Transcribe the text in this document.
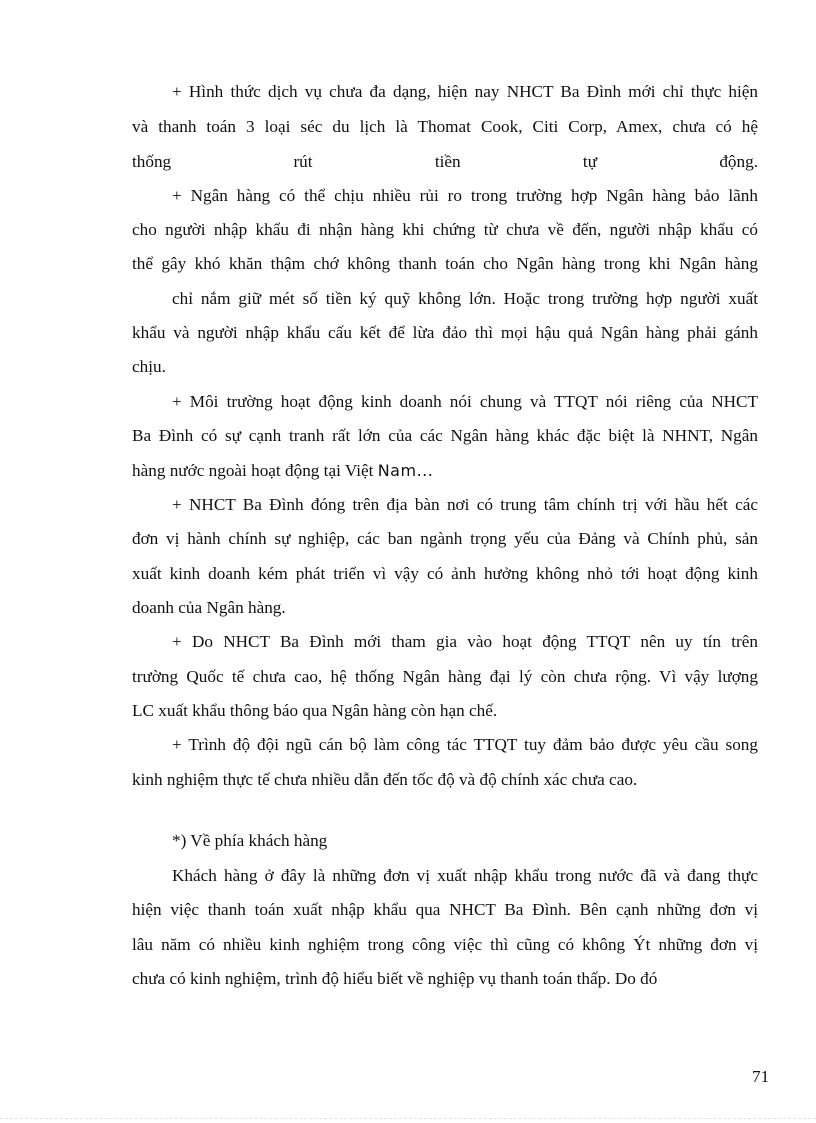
+ Hình thức dịch vụ chưa đa dạng, hiện nay NHCT Ba Đình mới chỉ thực hiện
và thanh toán 3 loại séc du lịch là Thomat Cook, Citi Corp, Amex, chưa có hệ
thống rút tiền tự động.
+ Ngân hàng có thể chịu nhiều rủi ro trong trường hợp Ngân hàng bảo lãnh
cho người nhập khẩu đi nhận hàng khi chứng từ chưa về đến, người nhập khẩu có
thể gây khó khăn thậm chớ không thanh toán cho Ngân hàng trong khi Ngân hàng
chỉ nắm giữ mét số tiền ký quỹ không lớn. Hoặc trong trường hợp người xuất
khẩu và người nhập khẩu cấu kết để lừa đảo thì mọi hậu quả Ngân hàng phải gánh
chịu.
+ Môi trường hoạt động kinh doanh nói chung và TTQT nói riêng của NHCT
Ba Đình có sự cạnh tranh rất lớn của các Ngân hàng khác đặc biệt là NHNT, Ngân
hàng nước ngoài hoạt động tại Việt Nam...
+ NHCT Ba Đình đóng trên địa bàn nơi có trung tâm chính trị với hầu hết các
đơn vị hành chính sự nghiệp, các ban ngành trọng yếu của Đảng và Chính phủ, sản
xuất kinh doanh kém phát triển vì vậy có ảnh hưởng không nhỏ tới hoạt động kinh
doanh của Ngân hàng.
+ Do NHCT Ba Đình mới tham gia vào hoạt động TTQT nên uy tín trên
trường Quốc tế chưa cao, hệ thống Ngân hàng đại lý còn chưa rộng. Vì vậy lượng
LC xuất khẩu thông báo qua Ngân hàng còn hạn chế.
+ Trình độ đội ngũ cán bộ làm công tác TTQT tuy đảm bảo được yêu cầu song
kinh nghiệm thực tế chưa nhiều dẫn đến tốc độ và độ chính xác chưa cao.
*) Về phía khách hàng
Khách hàng ở đây là những đơn vị xuất nhập khẩu trong nước đã và đang thực
hiện việc thanh toán xuất nhập khẩu qua NHCT Ba Đình. Bên cạnh những đơn vị
lâu năm có nhiều kinh nghiệm trong công việc thì cũng có không Ýt những đơn vị
chưa có kinh nghiệm, trình độ hiểu biết về nghiệp vụ thanh toán thấp. Do đó
71
